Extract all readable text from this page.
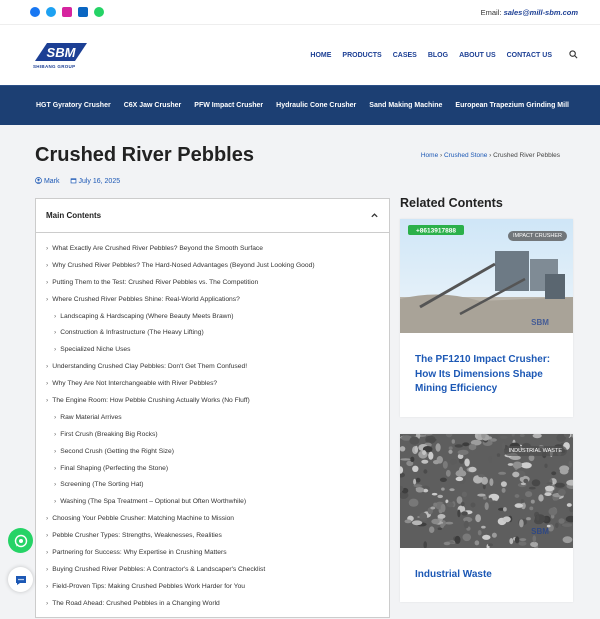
Email: sales@mill-sbm.com
SBM
SHIBANG GROUP
HOME PRODUCTS CASES BLOG ABOUT US CONTACT US
HGT Gyratory Crusher C6X Jaw Crusher PFW Impact Crusher Hydraulic Cone Crusher Sand Making Machine European Trapezium Grinding Mill
Crushed River Pebbles	Home › Crushed Stone › Crushed River Pebbles
Mark	July 16, 2025
Main Contents
› What Exactly Are Crushed River Pebbles? Beyond the Smooth Surface
› Why Crushed River Pebbles? The Hard-Nosed Advantages (Beyond Just Looking Good)
› Putting Them to the Test: Crushed River Pebbles vs. The Competition
› Where Crushed River Pebbles Shine: Real-World Applications?
› Landscaping & Hardscaping (Where Beauty Meets Brawn)
› Construction & Infrastructure (The Heavy Lifting)
› Specialized Niche Uses
› Understanding Crushed Clay Pebbles: Don't Get Them Confused!
› Why They Are Not Interchangeable with River Pebbles?
› The Engine Room: How Pebble Crushing Actually Works (No Fluff)
› Raw Material Arrives
› First Crush (Breaking Big Rocks)
› Second Crush (Getting the Right Size)
› Final Shaping (Perfecting the Stone)
› Screening (The Sorting Hat)
› Washing (The Spa Treatment – Optional but Often Worthwhile)
› Choosing Your Pebble Crusher: Matching Machine to Mission
› Pebble Crusher Types: Strengths, Weaknesses, Realities
› Partnering for Success: Why Expertise in Crushing Matters
› Buying Crushed River Pebbles: A Contractor's & Landscaper's Checklist
› Field-Proven Tips: Making Crushed Pebbles Work Harder for You
› The Road Ahead: Crushed Pebbles in a Changing World
Related Contents
+8613917888
SBM
IMPACT CRUSHER
The PF1210 Impact Crusher: How Its Dimensions Shape Mining Efficiency
SBM
INDUSTRIAL WASTE
Industrial Waste
